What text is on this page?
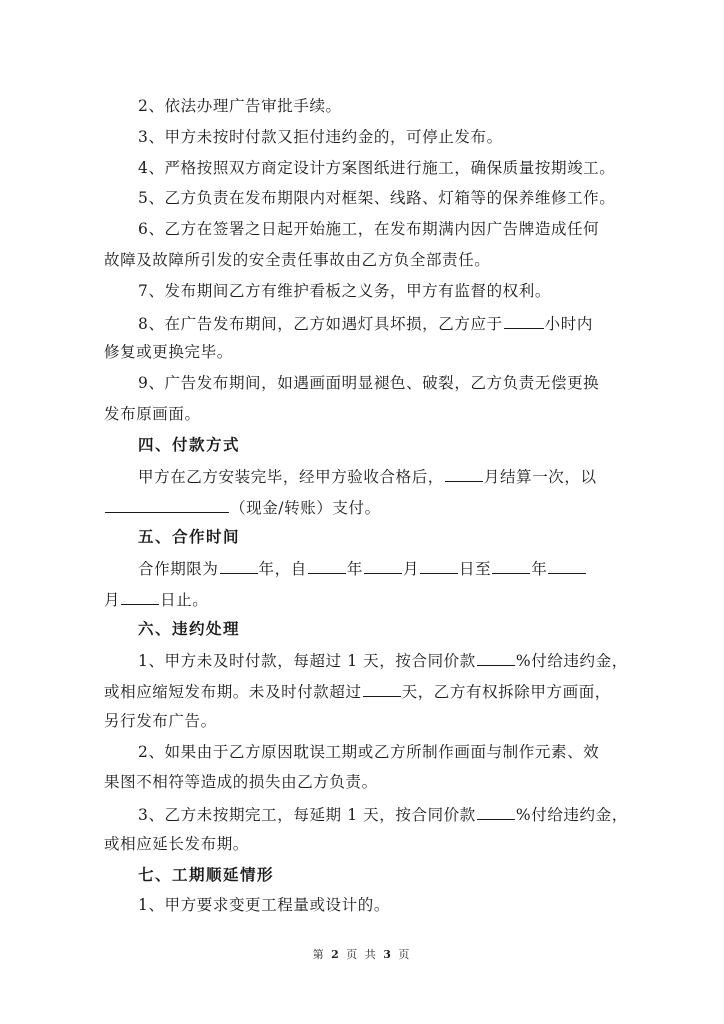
2、依法办理广告审批手续。
3、甲方未按时付款又拒付违约金的，可停止发布。
4、严格按照双方商定设计方案图纸进行施工，确保质量按期竣工。
5、乙方负责在发布期限内对框架、线路、灯箱等的保养维修工作。
6、乙方在签署之日起开始施工，在发布期满内因广告牌造成任何
故障及故障所引发的安全责任事故由乙方负全部责任。
7、发布期间乙方有维护看板之义务，甲方有监督的权利。
8、在广告发布期间，乙方如遇灯具坏损，乙方应于	小时内
修复或更换完毕。
9、广告发布期间，如遇画面明显褪色、破裂，乙方负责无偿更换
发布原画面。
四、付款方式
甲方在乙方安装完毕，经甲方验收合格后，	月结算一次，以
（现金/转账）支付。
五、合作时间
合作期限为	年，自	年	月	日至	年
月	日止。
六、违约处理
1、甲方未及时付款，每超过 1 天，按合同价款	%付给违约金，
或相应缩短发布期。未及时付款超过	天，乙方有权拆除甲方画面，
另行发布广告。
2、如果由于乙方原因耽误工期或乙方所制作画面与制作元素、效
果图不相符等造成的损失由乙方负责。
3、乙方未按期完工，每延期 1 天，按合同价款	%付给违约金，
或相应延长发布期。
七、工期顺延情形
1、甲方要求变更工程量或设计的。
第 2 页 共 3 页
